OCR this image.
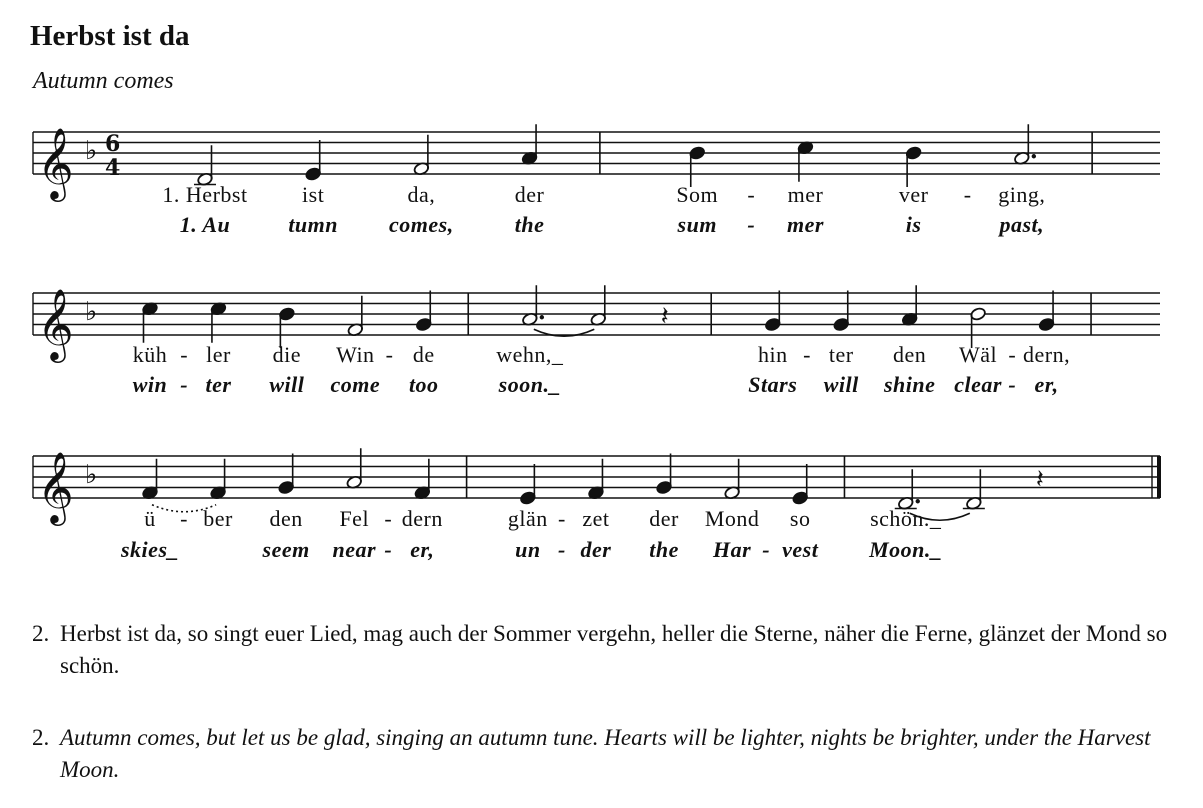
Herbst ist da
Autumn comes
𝄞 ♭ 6
4
𝄞 ♭	𝄽
𝄞 ♭	𝄽
1. Herbst
1. Au
ist
tumn
da,
comes,
der
the
Som
sum
-
-
mer
mer
ver
is
- ging,
past,
küh
win
-
-
ler
ter
die
will
Win
come
- de
too
wehn,_
soon._
hin
Stars
- ter
will
den
shine
Wäl
clear
-
-
dern,
er,
ü
skies_
- ber den
seem
Fel
near
-
-
dern
er,
glän
un
-
-
zet
der
der
the
Mond
Har -
so
vest
schön._
Moon._
2. Herbst ist da, so singt euer Lied, mag auch der Sommer vergehn, heller die Sterne, näher die Ferne, glänzet der Mond so schön.
2. Autumn comes, but let us be glad, singing an autumn tune. Hearts will be lighter, nights be brighter, under the Harvest Moon.
